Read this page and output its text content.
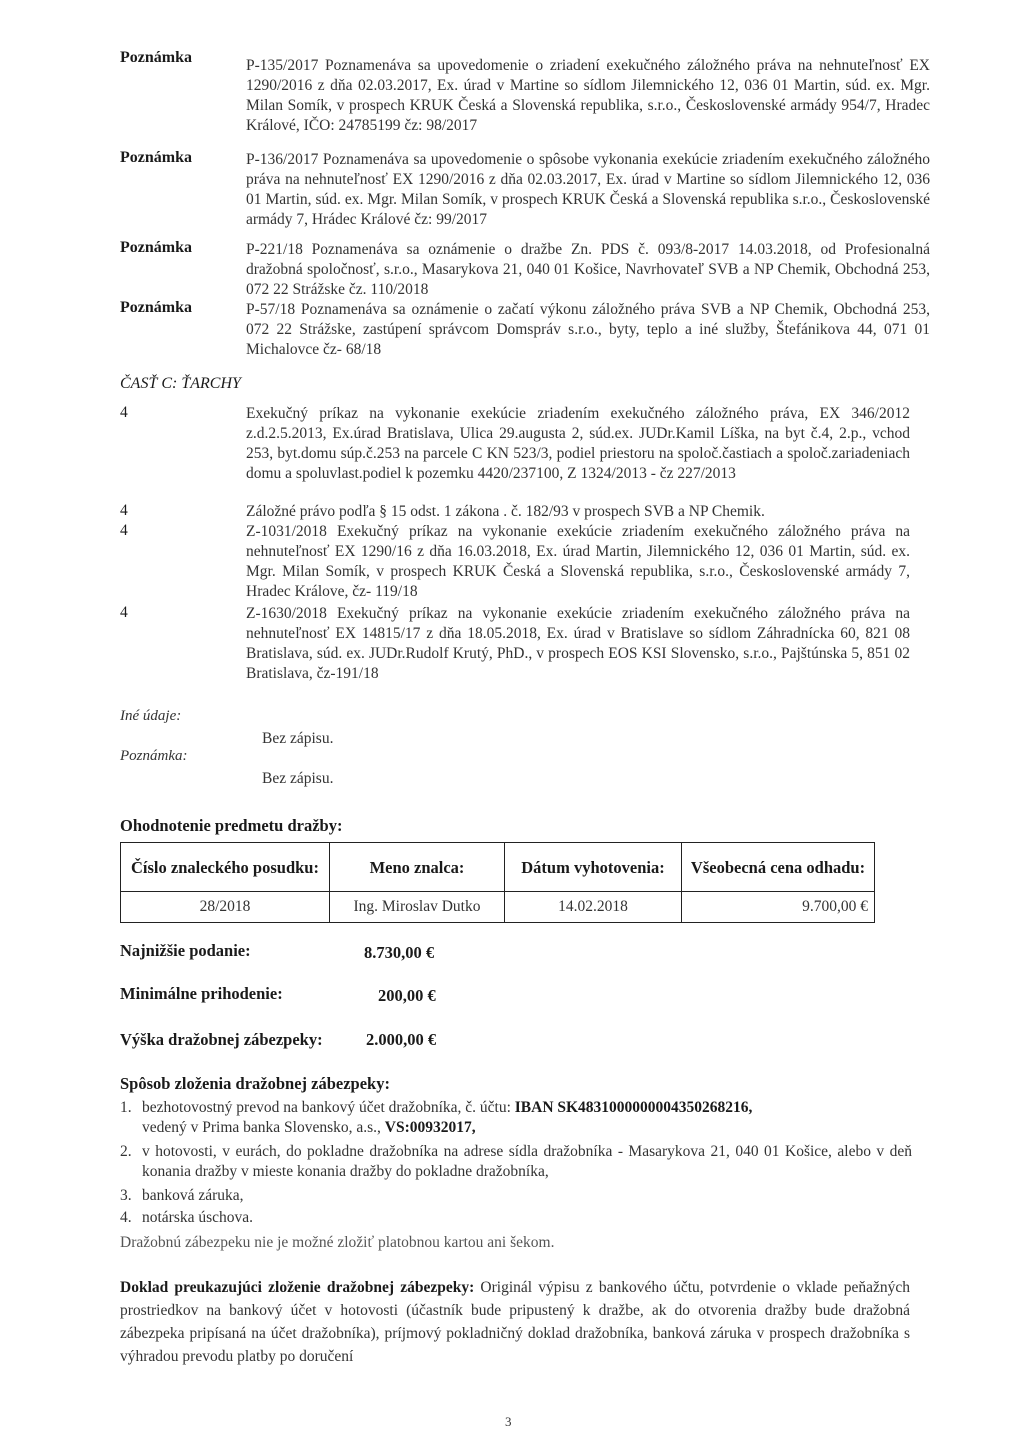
Poznámka	P-135/2017 Poznamenáva sa upovedomenie o zriadení exekučného záložného práva na nehnuteľnosť EX 1290/2016 z dňa 02.03.2017, Ex. úrad v Martine so sídlom Jilemnického 12, 036 01 Martin, súd. ex. Mgr. Milan Somík, v prospech KRUK Česká a Slovenská republika, s.r.o., Československé armády 954/7, Hradec Králové, IČO: 24785199 čz: 98/2017
Poznámka	P-136/2017 Poznamenáva sa upovedomenie o spôsobe vykonania exekúcie zriadením exekučného záložného práva na nehnuteľnosť EX 1290/2016 z dňa 02.03.2017, Ex. úrad v Martine so sídlom Jilemnického 12, 036 01 Martin, súd. ex. Mgr. Milan Somík, v prospech KRUK Česká a Slovenská republika s.r.o., Československé armády 7, Hrádec Králové čz: 99/2017
Poznámka	P-221/18 Poznamenáva sa oznámenie o dražbe Zn. PDS č. 093/8-2017 14.03.2018, od Profesionalná dražobná spoločnosť, s.r.o., Masarykova 21, 040 01 Košice, Navrhovateľ SVB a NP Chemik, Obchodná 253, 072 22 Strážske čz. 110/2018
Poznámka	P-57/18 Poznamenáva sa oznámenie o začatí výkonu záložného práva SVB a NP Chemik, Obchodná 253, 072 22 Strážske, zastúpení správcom Domspráv s.r.o., byty, teplo a iné služby, Štefánikova 44, 071 01 Michalovce čz- 68/18
ČASŤ C: ŤARCHY
4	Exekučný príkaz na vykonanie exekúcie zriadením exekučného záložného práva, EX 346/2012 z.d.2.5.2013, Ex.úrad Bratislava, Ulica 29.augusta 2, súd.ex. JUDr.Kamil Líška, na byt č.4, 2.p., vchod 253, byt.domu súp.č.253 na parcele C KN 523/3, podiel priestoru na spoloč.častiach a spoloč.zariadeniach domu a spoluvlast.podiel k pozemku 4420/237100, Z 1324/2013 - čz 227/2013
4	Záložné právo podľa § 15 odst. 1 zákona . č. 182/93 v prospech SVB a NP Chemik.
4	Z-1031/2018 Exekučný príkaz na vykonanie exekúcie zriadením exekučného záložného práva na nehnuteľnosť EX 1290/16 z dňa 16.03.2018, Ex. úrad Martin, Jilemnického 12, 036 01 Martin, súd. ex. Mgr. Milan Somík, v prospech KRUK Česká a Slovenská republika, s.r.o., Československé armády 7, Hradec Králove, čz- 119/18
4	Z-1630/2018 Exekučný príkaz na vykonanie exekúcie zriadením exekučného záložného práva na nehnuteľnosť EX 14815/17 z dňa 18.05.2018, Ex. úrad v Bratislave so sídlom Záhradnícka 60, 821 08 Bratislava, súd. ex. JUDr.Rudolf Krutý, PhD., v prospech EOS KSI Slovensko, s.r.o., Pajštúnska 5, 851 02 Bratislava, čz-191/18
Iné údaje:
Bez zápisu.
Poznámka:
Bez zápisu.
Ohodnotenie predmetu dražby:
Číslo znaleckého posudku:	Meno znalca:	Dátum vyhotovenia:	Všeobecná cena odhadu:
28/2018	Ing. Miroslav Dutko	14.02.2018	9.700,00 €
Najnižšie podanie:	8.730,00 €
Minimálne prihodenie:	200,00 €
Výška dražobnej zábezpeky:	2.000,00 €
Spôsob zloženia dražobnej zábezpeky:
1. bezhotovostný prevod na bankový účet dražobníka, č. účtu: IBAN SK4831000000004350268216,
vedený v Prima banka Slovensko, a.s., VS:00932017,
2. v hotovosti, v eurách, do pokladne dražobníka na adrese sídla dražobníka - Masarykova 21, 040 01 Košice, alebo v deň konania dražby v mieste konania dražby do pokladne dražobníka,
3. banková záruka,
4. notárska úschova.
Dražobnú zábezpeku nie je možné zložiť platobnou kartou ani šekom.
Doklad preukazujúci zloženie dražobnej zábezpeky: Originál výpisu z bankového účtu, potvrdenie o vklade peňažných prostriedkov na bankový účet v hotovosti (účastník bude pripustený k dražbe, ak do otvorenia dražby bude dražobná zábezpeka pripísaná na účet dražobníka), príjmový pokladničný doklad dražobníka, banková záruka v prospech dražobníka s výhradou prevodu platby po doručení
3
